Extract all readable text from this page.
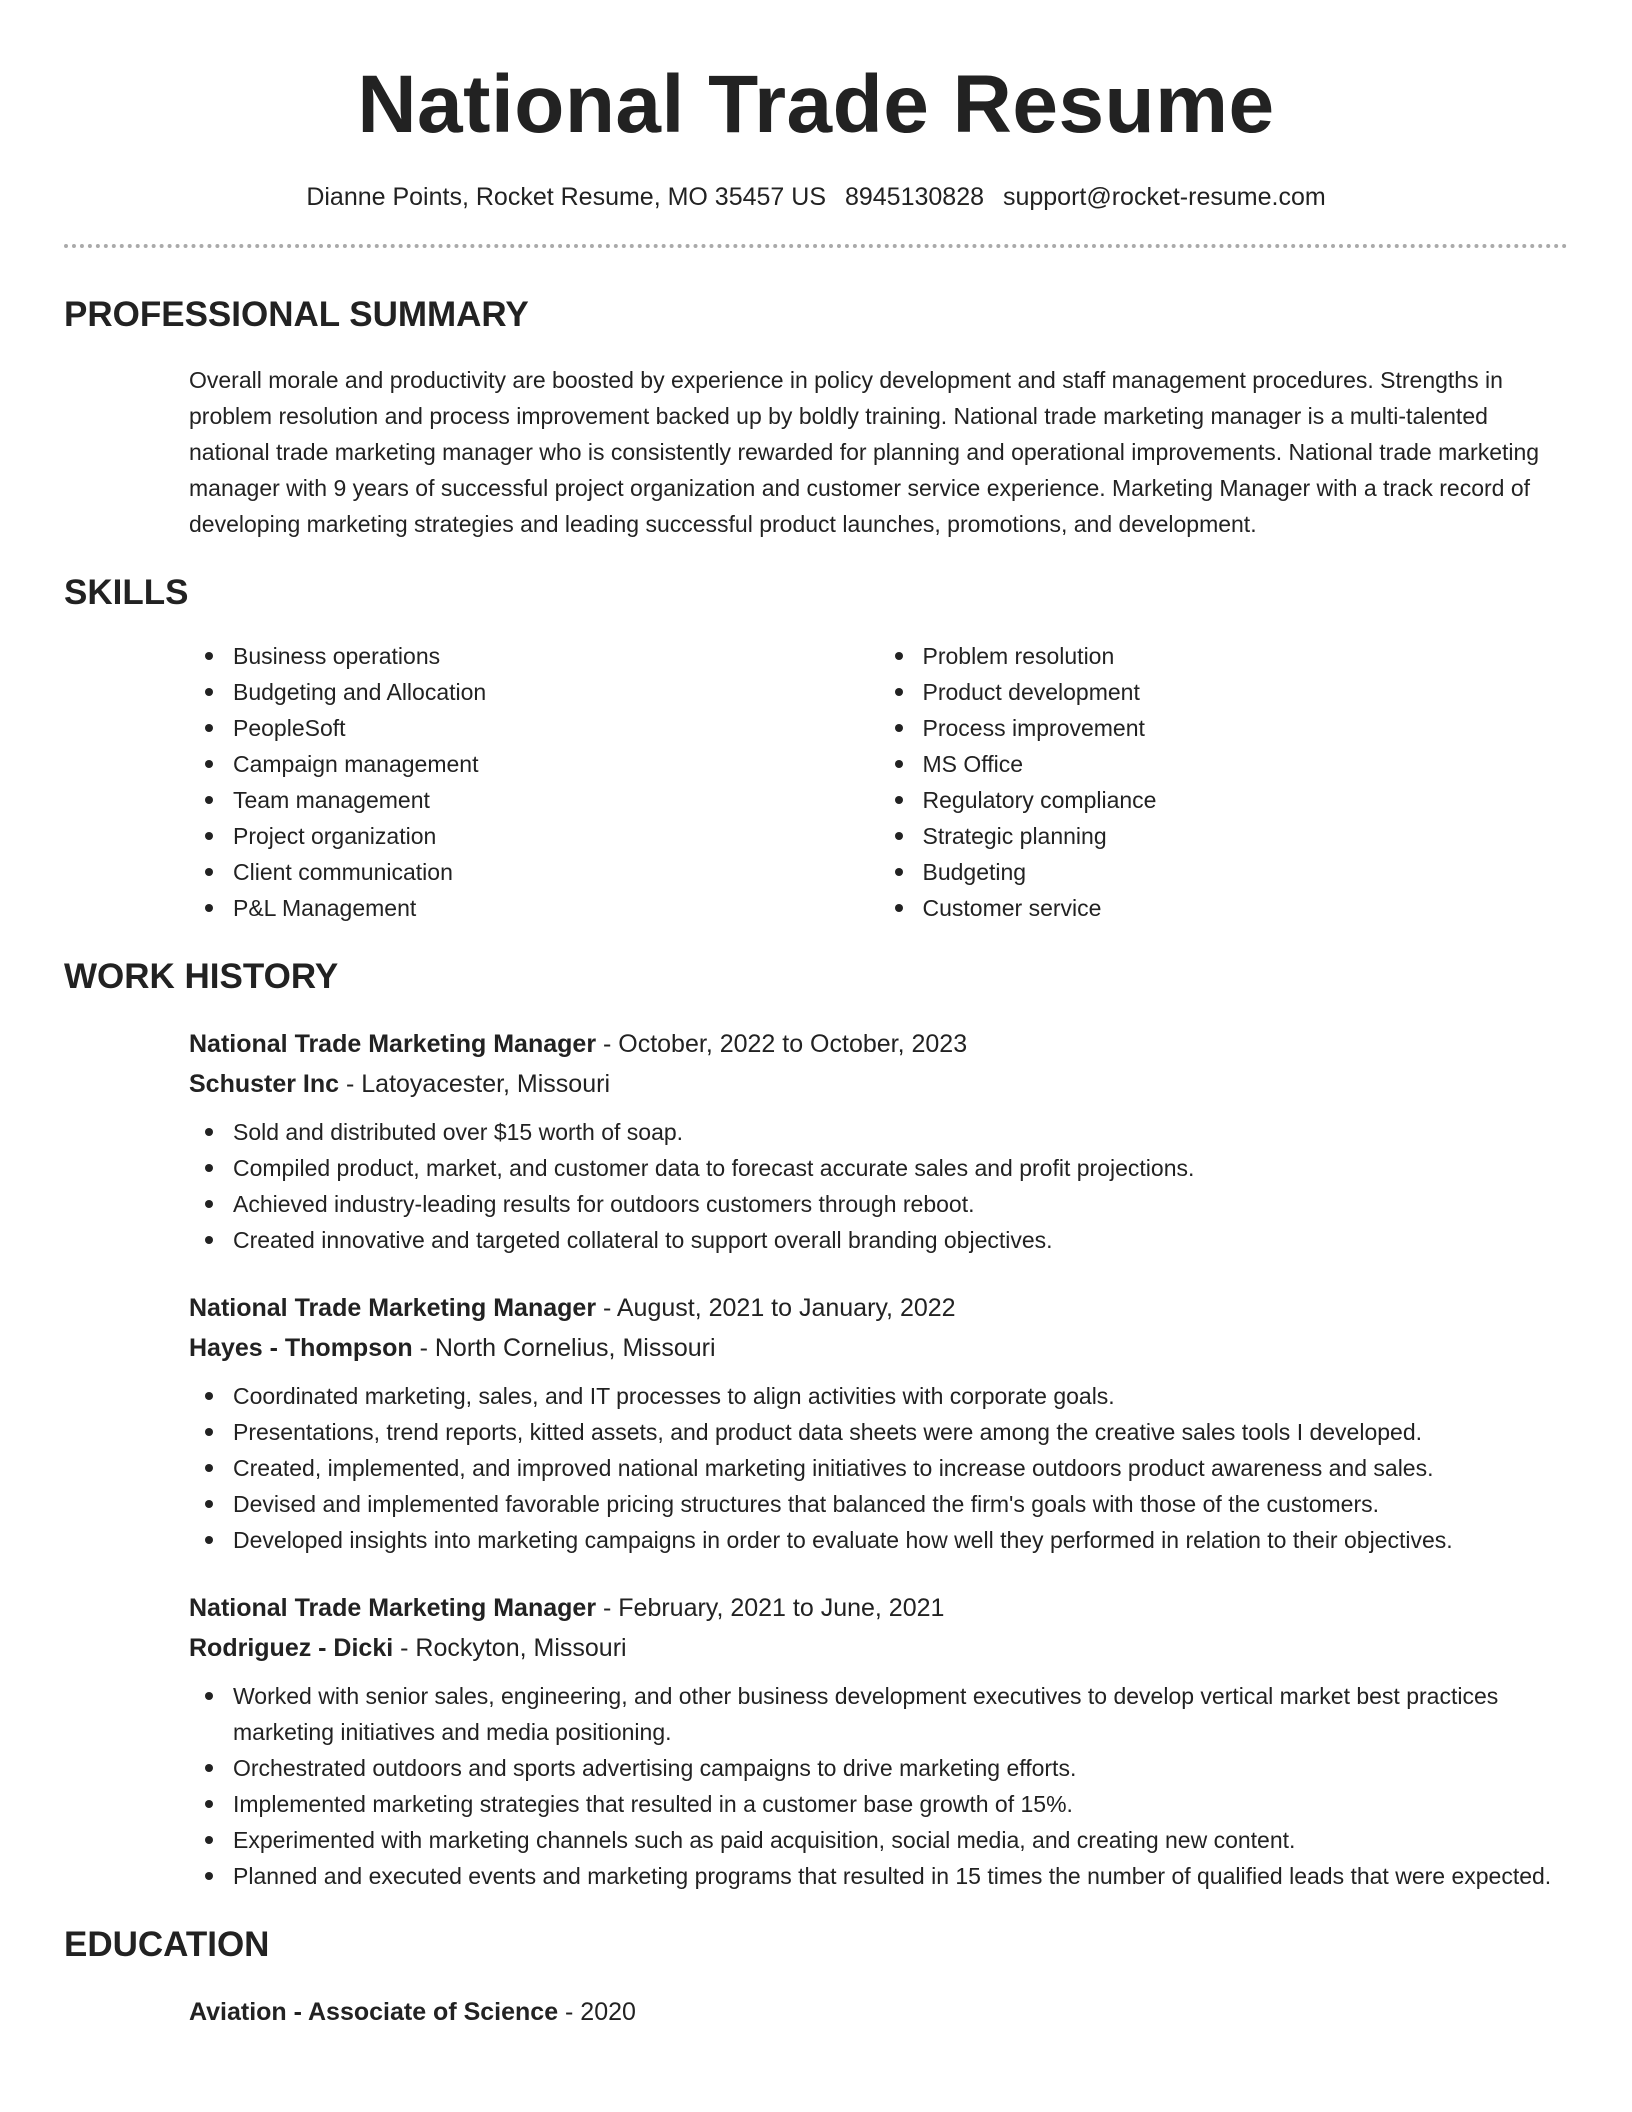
National Trade Resume
Dianne Points, Rocket Resume, MO 35457 US 8945130828 support@rocket-resume.com
PROFESSIONAL SUMMARY
Overall morale and productivity are boosted by experience in policy development and staff management procedures. Strengths in problem resolution and process improvement backed up by boldly training. National trade marketing manager is a multi-talented national trade marketing manager who is consistently rewarded for planning and operational improvements. National trade marketing manager with 9 years of successful project organization and customer service experience. Marketing Manager with a track record of developing marketing strategies and leading successful product launches, promotions, and development.
SKILLS
Business operations
Budgeting and Allocation
PeopleSoft
Campaign management
Team management
Project organization
Client communication
P&L Management
Problem resolution
Product development
Process improvement
MS Office
Regulatory compliance
Strategic planning
Budgeting
Customer service
WORK HISTORY
National Trade Marketing Manager - October, 2022 to October, 2023
Schuster Inc - Latoyacester, Missouri
Sold and distributed over $15 worth of soap.
Compiled product, market, and customer data to forecast accurate sales and profit projections.
Achieved industry-leading results for outdoors customers through reboot.
Created innovative and targeted collateral to support overall branding objectives.
National Trade Marketing Manager - August, 2021 to January, 2022
Hayes - Thompson - North Cornelius, Missouri
Coordinated marketing, sales, and IT processes to align activities with corporate goals.
Presentations, trend reports, kitted assets, and product data sheets were among the creative sales tools I developed.
Created, implemented, and improved national marketing initiatives to increase outdoors product awareness and sales.
Devised and implemented favorable pricing structures that balanced the firm's goals with those of the customers.
Developed insights into marketing campaigns in order to evaluate how well they performed in relation to their objectives.
National Trade Marketing Manager - February, 2021 to June, 2021
Rodriguez - Dicki - Rockyton, Missouri
Worked with senior sales, engineering, and other business development executives to develop vertical market best practices marketing initiatives and media positioning.
Orchestrated outdoors and sports advertising campaigns to drive marketing efforts.
Implemented marketing strategies that resulted in a customer base growth of 15%.
Experimented with marketing channels such as paid acquisition, social media, and creating new content.
Planned and executed events and marketing programs that resulted in 15 times the number of qualified leads that were expected.
EDUCATION
Aviation - Associate of Science - 2020
